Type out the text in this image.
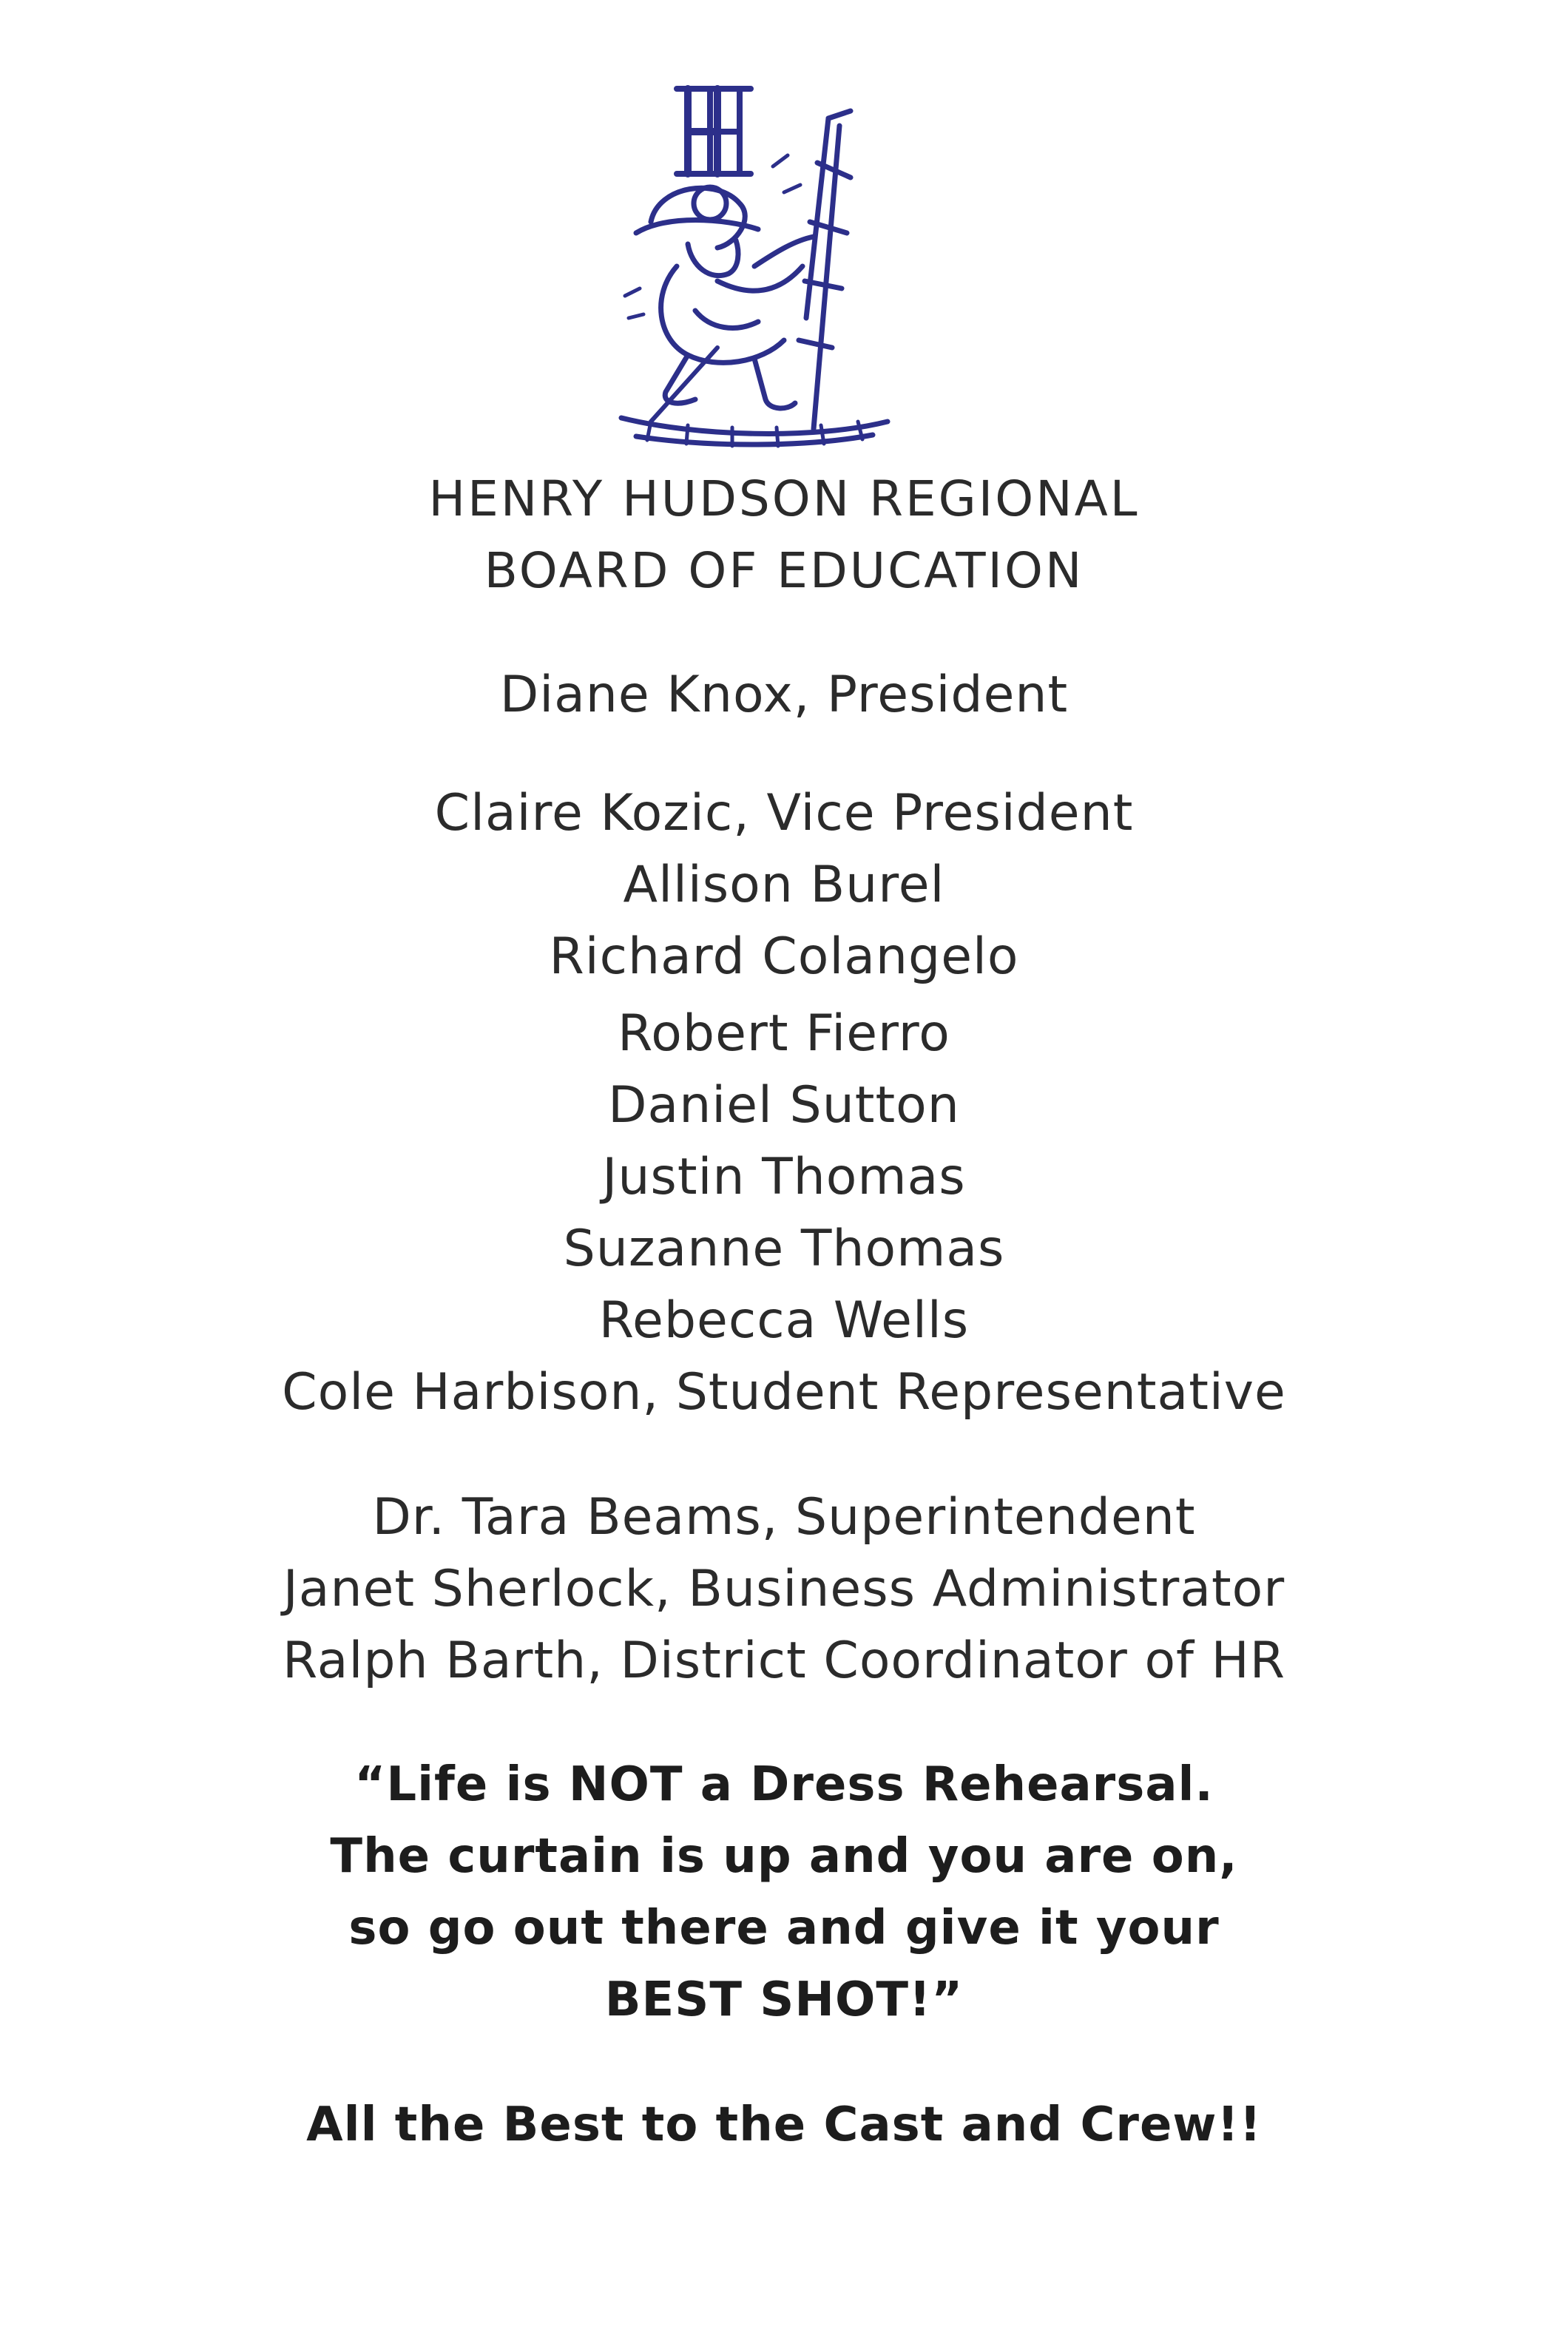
HENRY HUDSON REGIONAL
BOARD OF EDUCATION
Diane Knox, President
Claire Kozic, Vice President
Allison Burel
Richard Colangelo
Robert Fierro
Daniel Sutton
Justin Thomas
Suzanne Thomas
Rebecca Wells
Cole Harbison, Student Representative
Dr. Tara Beams, Superintendent
Janet Sherlock, Business Administrator
Ralph Barth, District Coordinator of HR
“Life is NOT a Dress Rehearsal.
The curtain is up and you are on,
so go out there and give it your
BEST SHOT!”
All the Best to the Cast and Crew!!
